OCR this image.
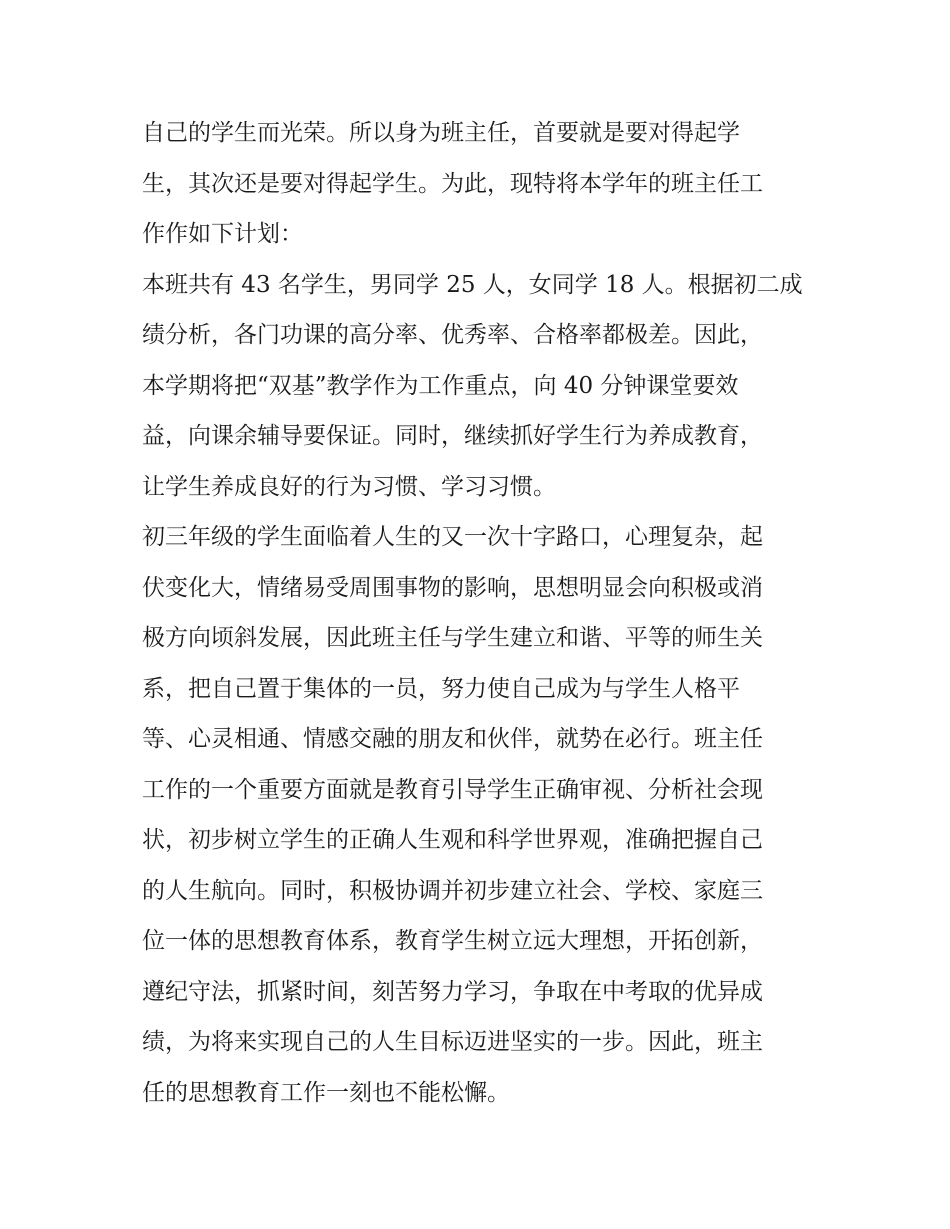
自己的学生而光荣。所以身为班主任，首要就是要对得起学
生，其次还是要对得起学生。为此，现特将本学年的班主任工
作作如下计划：
本班共有 43 名学生，男同学 25 人，女同学 18 人。根据初二成
绩分析，各门功课的高分率、优秀率、合格率都极差。因此，
本学期将把“双基”教学作为工作重点，向 40 分钟课堂要效
益，向课余辅导要保证。同时，继续抓好学生行为养成教育，
让学生养成良好的行为习惯、学习习惯。
初三年级的学生面临着人生的又一次十字路口，心理复杂，起
伏变化大，情绪易受周围事物的影响，思想明显会向积极或消
极方向顷斜发展，因此班主任与学生建立和谐、平等的师生关
系，把自己置于集体的一员，努力使自己成为与学生人格平
等、心灵相通、情感交融的朋友和伙伴，就势在必行。班主任
工作的一个重要方面就是教育引导学生正确审视、分析社会现
状，初步树立学生的正确人生观和科学世界观，准确把握自己
的人生航向。同时，积极协调并初步建立社会、学校、家庭三
位一体的思想教育体系，教育学生树立远大理想，开拓创新，
遵纪守法，抓紧时间，刻苦努力学习，争取在中考取的优异成
绩，为将来实现自己的人生目标迈进坚实的一步。因此，班主
任的思想教育工作一刻也不能松懈。
